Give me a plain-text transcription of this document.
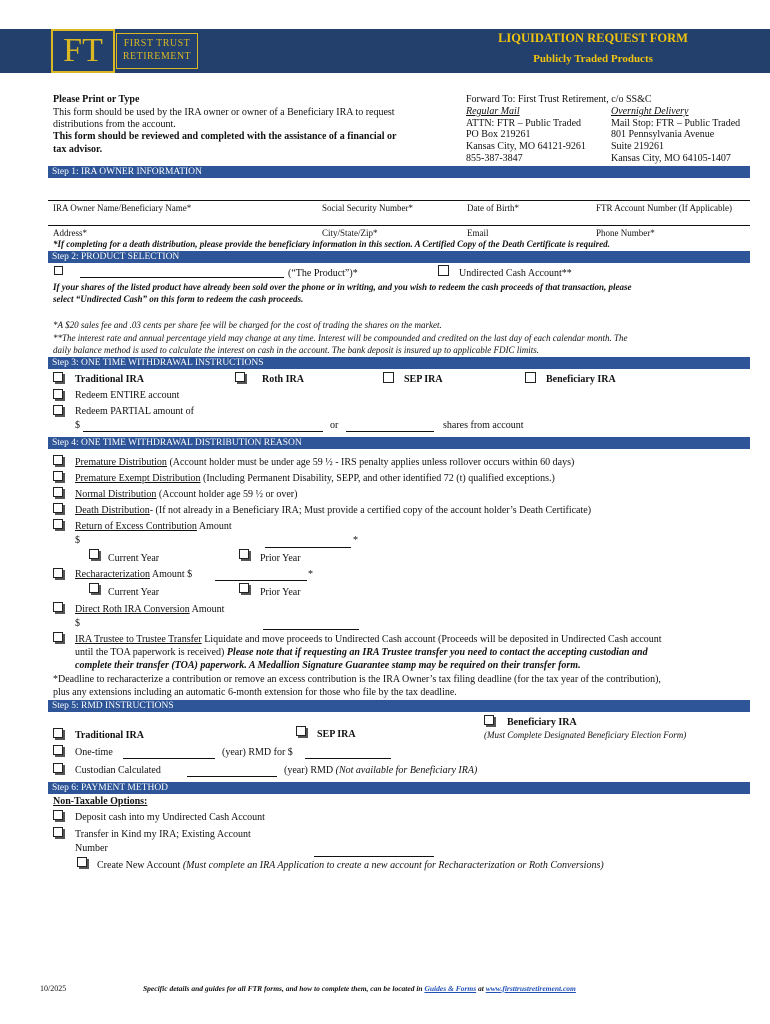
FT	FIRST TRUST
RETIREMENT
LIQUIDATION REQUEST FORM
Publicly Traded Products
Please Print or Type
This form should be used by the IRA owner or owner of a Beneficiary IRA to request
distributions from the account.
This form should be reviewed and completed with the assistance of a financial or
tax advisor.
Forward To: First Trust Retirement, c/o SS&C
Regular Mail
ATTN: FTR – Public Traded
PO Box 219261
Kansas City, MO 64121-9261
855-387-3847
Overnight Delivery
Mail Stop: FTR – Public Traded
801 Pennsylvania Avenue
Suite 219261
Kansas City, MO 64105-1407
Step 1: IRA OWNER INFORMATION
IRA Owner Name/Beneficiary Name*	Social Security Number*	Date of Birth*	FTR Account Number (If Applicable)
Address*	City/State/Zip*	Email	Phone Number*
*If completing for a death distribution, please provide the beneficiary information in this section. A Certified Copy of the Death Certificate is required.
Step 2: PRODUCT SELECTION
(“The Product”)*	Undirected Cash Account**
If your shares of the listed product have already been sold over the phone or in writing, and you wish to redeem the cash proceeds of that transaction, please
select “Undirected Cash” on this form to redeem the cash proceeds.
*A $20 sales fee and .03 cents per share fee will be charged for the cost of trading the shares on the market.
**The interest rate and annual percentage yield may change at any time. Interest will be compounded and credited on the last day of each calendar month. The
daily balance method is used to calculate the interest on cash in the account. The bank deposit is insured up to applicable FDIC limits.
Step 3: ONE TIME WITHDRAWAL INSTRUCTIONS
Traditional IRA	Roth IRA	SEP IRA	Beneficiary IRA
Redeem ENTIRE account
Redeem PARTIAL amount of
$	or	shares from account
Step 4: ONE TIME WITHDRAWAL DISTRIBUTION REASON
Premature Distribution (Account holder must be under age 59 ½ - IRS penalty applies unless rollover occurs within 60 days)
Premature Exempt Distribution (Including Permanent Disability, SEPP, and other identified 72 (t) qualified exceptions.)
Normal Distribution (Account holder age 59 ½ or over)
Death Distribution- (If not already in a Beneficiary IRA; Must provide a certified copy of the account holder’s Death Certificate)
Return of Excess Contribution Amount
$	*
Current Year	Prior Year
Recharacterization Amount $	*
Current Year	Prior Year
Direct Roth IRA Conversion Amount
$
IRA Trustee to Trustee Transfer Liquidate and move proceeds to Undirected Cash account (Proceeds will be deposited in Undirected Cash account
until the TOA paperwork is received) Please note that if requesting an IRA Trustee transfer you need to contact the accepting custodian and
complete their transfer (TOA) paperwork. A Medallion Signature Guarantee stamp may be required on their transfer form.
*Deadline to recharacterize a contribution or remove an excess contribution is the IRA Owner’s tax filing deadline (for the tax year of the contribution),
plus any extensions including an automatic 6-month extension for those who file by the tax deadline.
Step 5: RMD INSTRUCTIONS
Beneficiary IRA
(Must Complete Designated Beneficiary Election Form)
Traditional IRA	SEP IRA
One-time	(year) RMD for $
Custodian Calculated	(year) RMD (Not available for Beneficiary IRA)
Step 6: PAYMENT METHOD
Non-Taxable Options:
Deposit cash into my Undirected Cash Account
Transfer in Kind my IRA; Existing Account
Number
Create New Account (Must complete an IRA Application to create a new account for Recharacterization or Roth Conversions)
10/2025	Specific details and guides for all FTR forms, and how to complete them, can be located in Guides & Forms at www.firsttrustretirement.com
